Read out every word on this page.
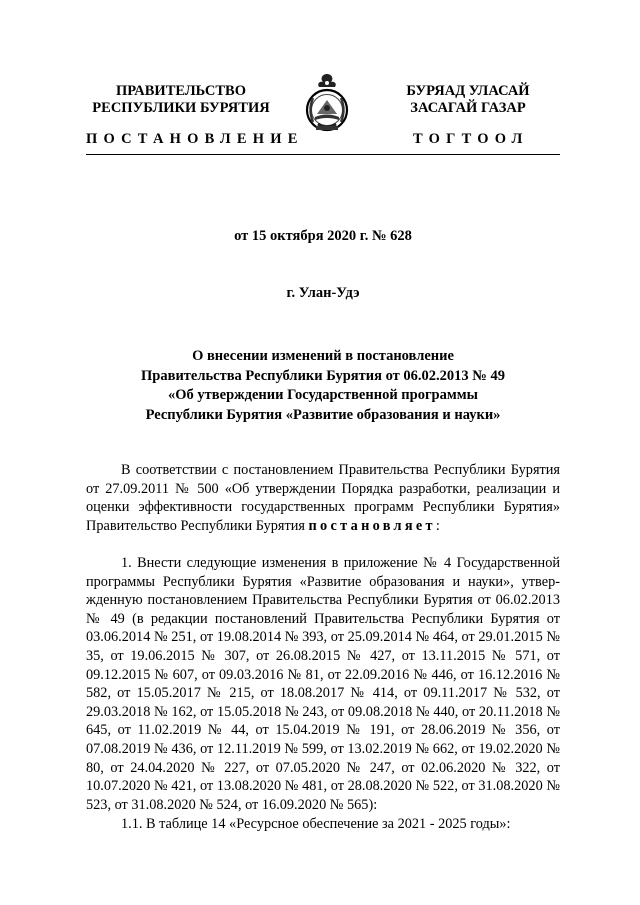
ПРАВИТЕЛЬСТВО
РЕСПУБЛИКИ БУРЯТИЯ
БУРЯАД УЛАСАЙ
ЗАСАГАЙ ГАЗАР
ПОСТАНОВЛЕНИЕ	ТОГТООЛ
от 15 октября 2020 г. № 628
г. Улан-Удэ
О внесении изменений в постановление
Правительства Республики Бурятия от 06.02.2013 № 49
«Об утверждении Государственной программы
Республики Бурятия «Развитие образования и науки»

В соответствии с постановлением Правительства Республики Бурятия от 27.09.2011 № 500 «Об утверждении Порядка разработки, реализации и оценки эффективности государственных программ Республики Бурятия» Правительство Республики Бурятия постановляет:

1. Внести следующие изменения в приложение № 4 Государственной программы Республики Бурятия «Развитие образования и науки», утвержденную постановлением Правительства Республики Бурятия от 06.02.2013 № 49 (в редакции постановлений Правительства Республики Бурятия от 03.06.2014 № 251, от 19.08.2014 № 393, от 25.09.2014 № 464, от 29.01.2015 № 35, от 19.06.2015 № 307, от 26.08.2015 № 427, от 13.11.2015 № 571, от 09.12.2015 № 607, от 09.03.2016 № 81, от 22.09.2016 № 446, от 16.12.2016 № 582, от 15.05.2017 № 215, от 18.08.2017 № 414, от 09.11.2017 № 532, от 29.03.2018 № 162, от 15.05.2018 № 243, от 09.08.2018 № 440, от 20.11.2018 № 645, от 11.02.2019 № 44, от 15.04.2019 № 191, от 28.06.2019 № 356, от 07.08.2019 № 436, от 12.11.2019 № 599, от 13.02.2019 № 662, от 19.02.2020 № 80, от 24.04.2020 № 227, от 07.05.2020 № 247, от 02.06.2020 № 322, от 10.07.2020 № 421, от 13.08.2020 № 481, от 28.08.2020 № 522, от 31.08.2020 № 523, от 31.08.2020 № 524, от 16.09.2020 № 565):

1.1. В таблице 14 «Ресурсное обеспечение за 2021 - 2025 годы»:
